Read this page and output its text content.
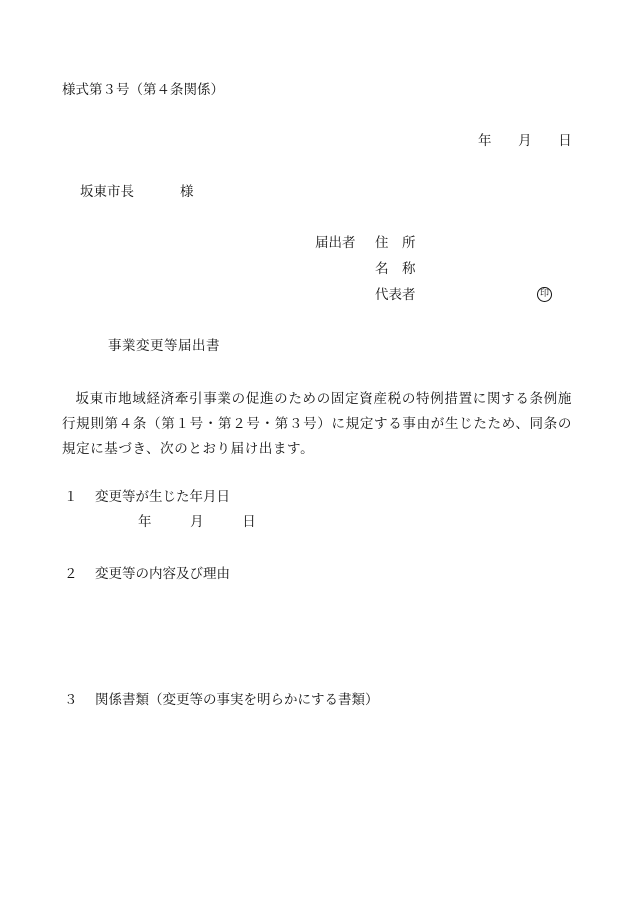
様式第３号（第４条関係）
年 月 日
坂東市長	様
届出者 住　所
名　称
代表者	印
事業変更等届出書
坂東市地域経済牽引事業の促進のための固定資産税の特例措置に関する条例施行規則第４条（第１号・第２号・第３号）に規定する事由が生じたため、同条の規定に基づき、次のとおり届け出ます。
１ 変更等が生じた年月日
年	月	日
２ 変更等の内容及び理由
３ 関係書類（変更等の事実を明らかにする書類）
